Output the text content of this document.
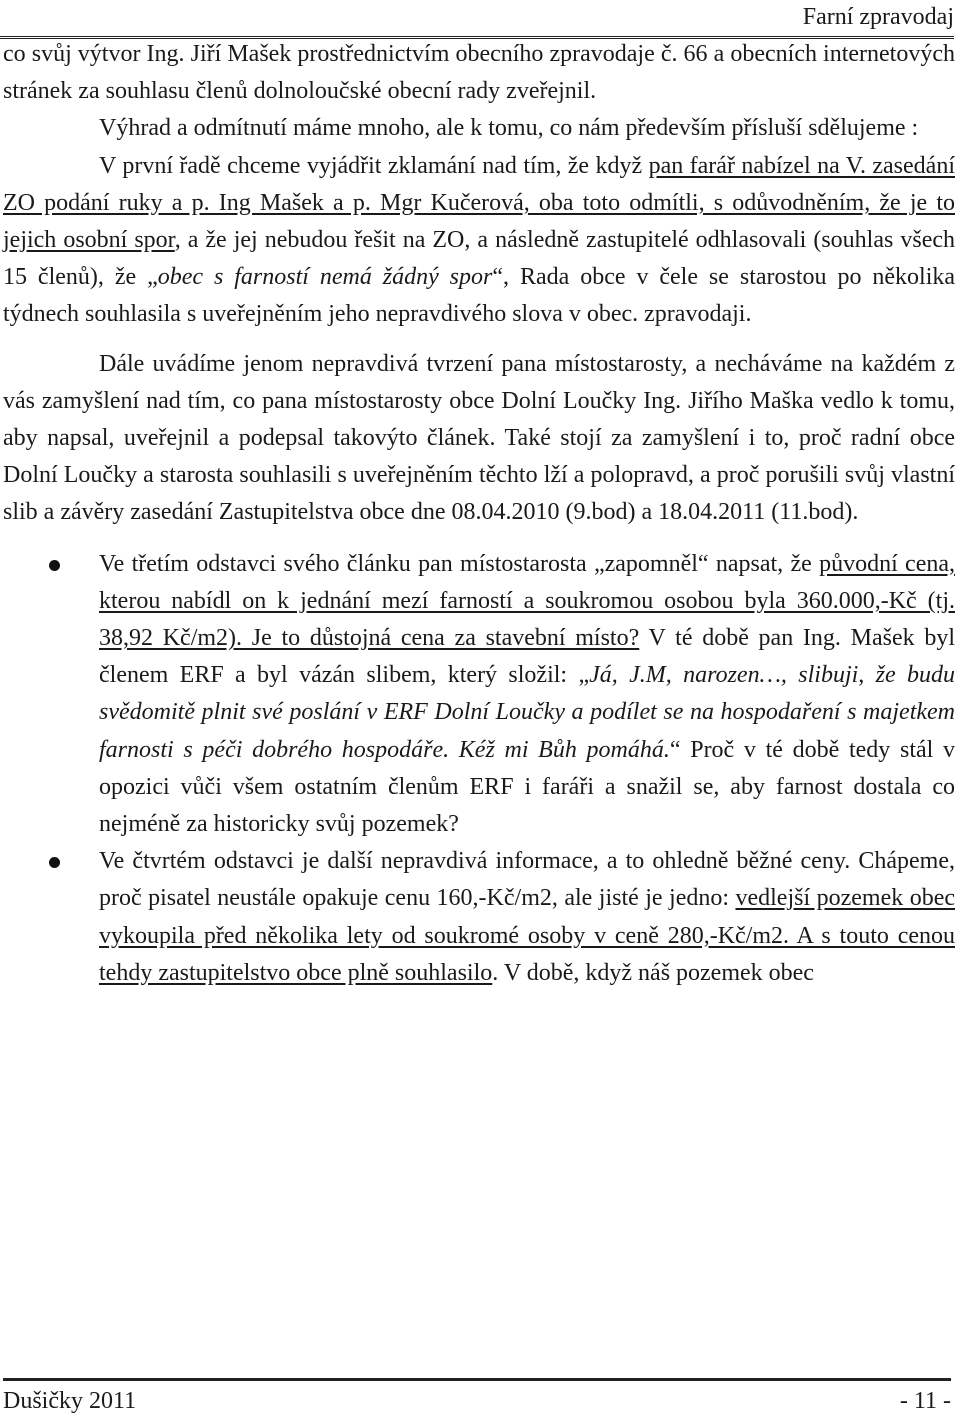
Farní zpravodaj

co svůj výtvor Ing. Jiří Mašek prostřednictvím obecního zpravodaje č. 66 a obecních internetových stránek za souhlasu členů dolnoloučské obecní rady zveřejnil.

Výhrad a odmítnutí máme mnoho, ale k tomu, co nám především přísluší sdělujeme :

V první řadě chceme vyjádřit zklamání nad tím, že když pan farář nabízel na V. zasedání ZO podání ruky a p. Ing Mašek a p. Mgr Kučerová, oba toto odmítli, s odůvodněním, že je to jejich osobní spor, a že jej nebudou řešit na ZO, a následně zastupitelé odhlasovali (souhlas všech 15 členů), že „obec s farností nemá žádný spor“, Rada obce v čele se starostou po několika týdnech souhlasila s uveřejněním jeho nepravdivého slova v obec. zpravodaji.

Dále uvádíme jenom nepravdivá tvrzení pana místostarosty, a necháváme na každém z vás zamyšlení nad tím, co pana místostarosty obce Dolní Loučky Ing. Jiřího Maška vedlo k tomu, aby napsal, uveřejnil a podepsal takovýto článek. Také stojí za zamyšlení i to, proč radní obce Dolní Loučky a starosta souhlasili s uveřejněním těchto lží a polopravd, a proč porušili svůj vlastní slib a závěry zasedání Zastupitelstva obce dne 08.04.2010 (9.bod) a 18.04.2011 (11.bod).

Ve třetím odstavci svého článku pan místostarosta „zapomněl“ napsat, že původní cena, kterou nabídl on k jednání mezí farností a soukromou osobou byla 360.000,-Kč (tj. 38,92 Kč/m2). Je to důstojná cena za stavební místo? V té době pan Ing. Mašek byl členem ERF a byl vázán slibem, který složil: „Já, J.M, narozen…, slibuji, že budu svědomitě plnit své poslání v ERF Dolní Loučky a podílet se na hospodaření s majetkem farnosti s péči dobrého hospodáře. Kéž mi Bůh pomáhá.“ Proč v té době tedy stál v opozici vůči všem ostatním členům ERF i faráři a snažil se, aby farnost dostala co nejméně za historicky svůj pozemek?
Ve čtvrtém odstavci je další nepravdivá informace, a to ohledně běžné ceny. Chápeme, proč pisatel neustále opakuje cenu 160,-Kč/m2, ale jisté je jedno: vedlejší pozemek obec vykoupila před několika lety od soukromé osoby v ceně 280,-Kč/m2. A s touto cenou tehdy zastupitelstvo obce plně souhlasilo. V době, když náš pozemek obec
Dušičky 2011	- 11 -
